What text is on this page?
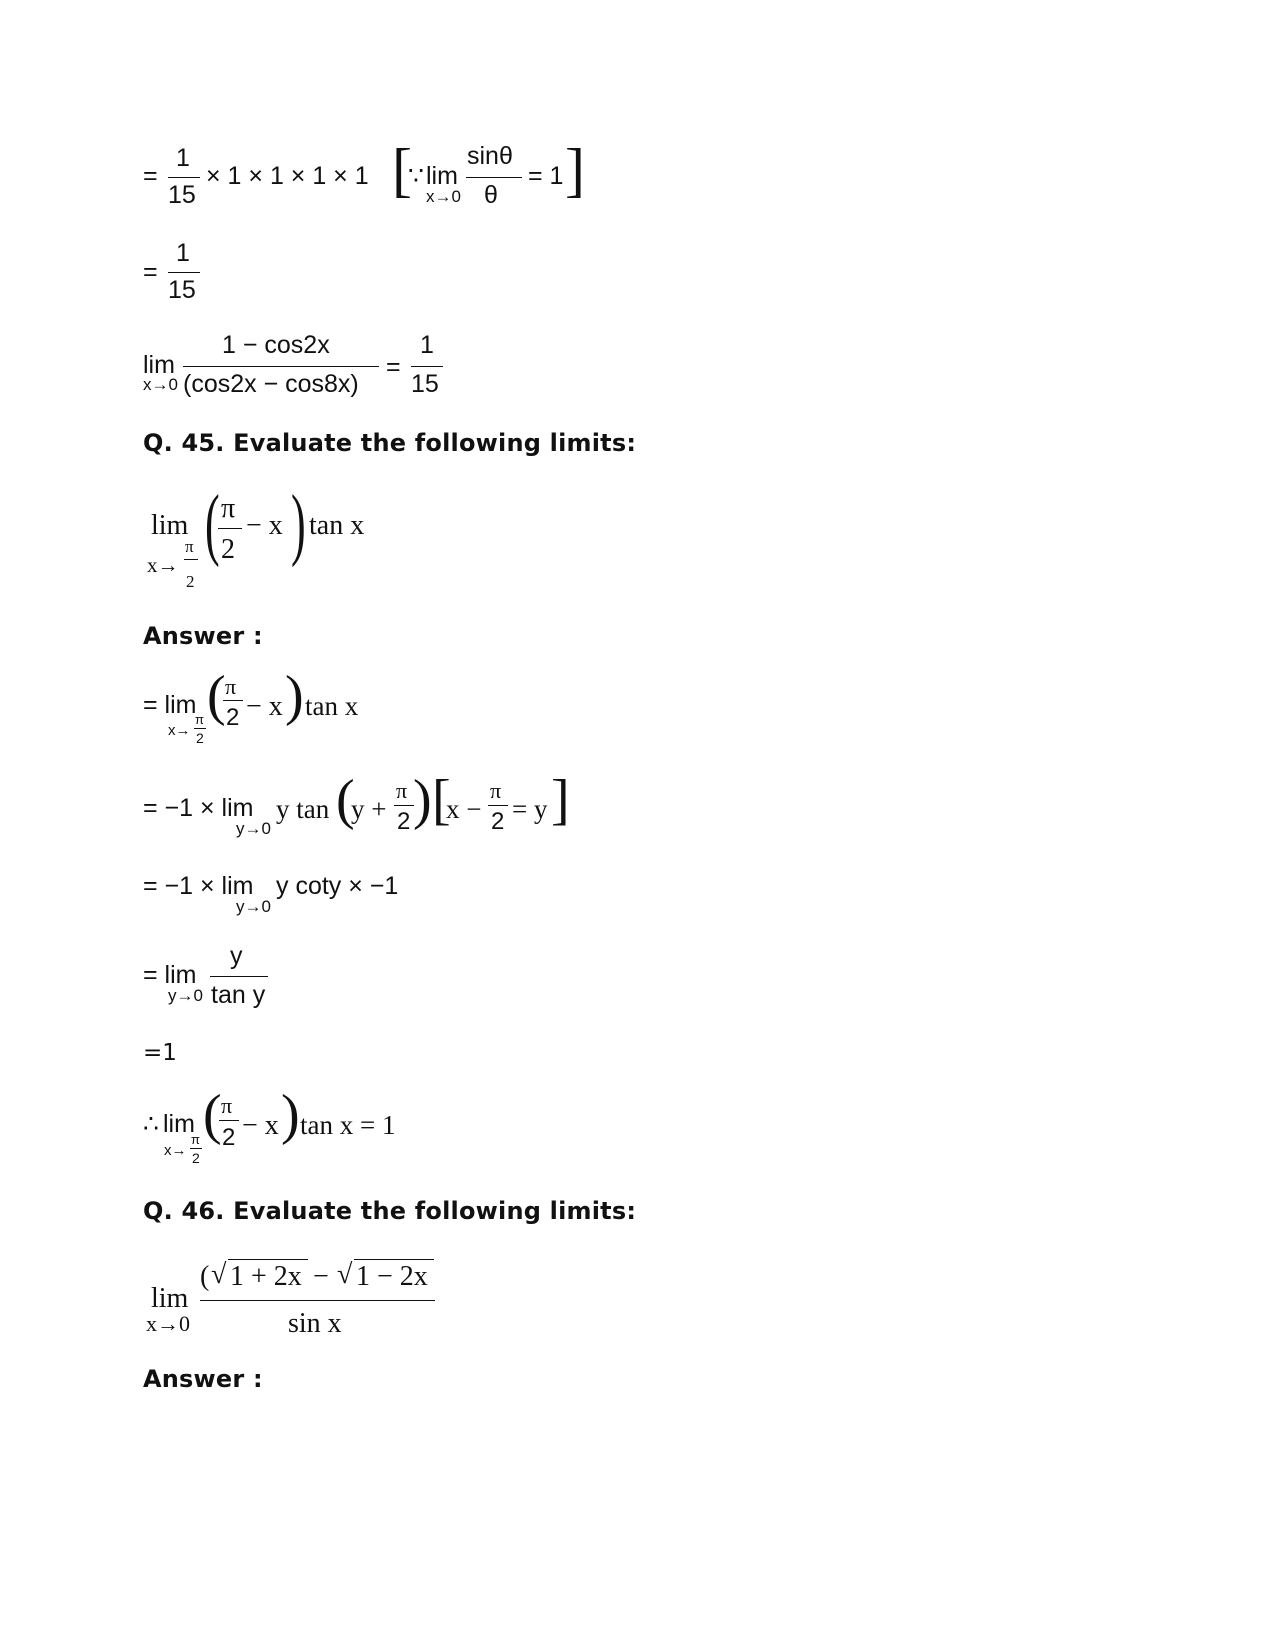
=
1
15
× 1 × 1 × 1 × 1 [
∵ lim
x→0
sinθ
θ
= 1 ]
=
1
15
lim
x→0
1 − cos2x
(cos2x − cos8x)
=
1
15
Q. 45. Evaluate the following limits:
lim
x→
π
2
( π
2
− x ) tan x
Answer :
= lim
x→
π
2
( π
2 − x ) tan x
= −1 × lim
y→0
y tan (
y +
π
2 ) [
x −
π
2 = y ]
= −1 × lim
y→0
y coty × −1
= lim
y→0
y
tan y
=1
∴ lim
x→
π
2
( π
2 − x ) tan x = 1
Q. 46. Evaluate the following limits:
lim
x→0
( √ 1 + 2x − √ 1 − 2x
sin x
Answer :
